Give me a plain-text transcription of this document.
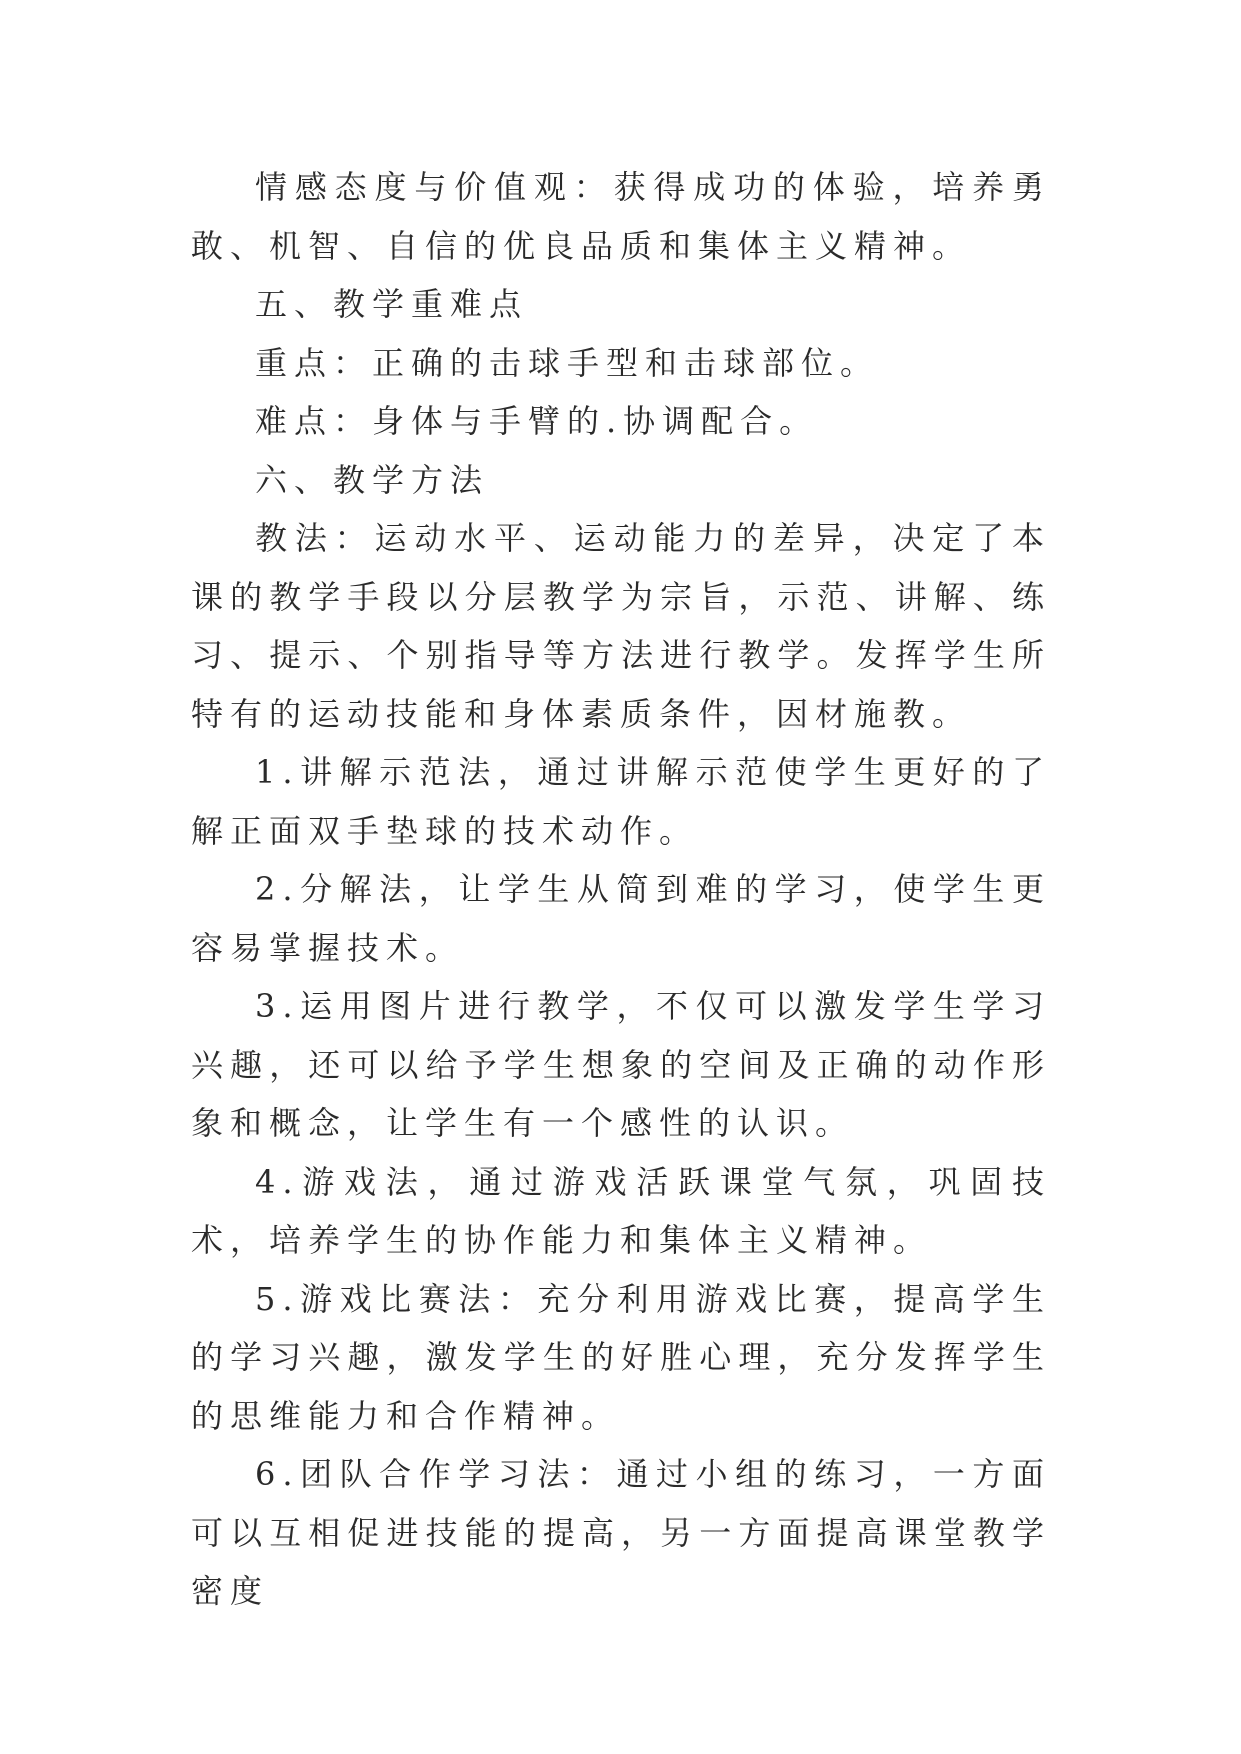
情感态度与价值观：获得成功的体验，培养勇敢、机智、自信的优良品质和集体主义精神。

五、教学重难点

重点：正确的击球手型和击球部位。

难点：身体与手臂的.协调配合。

六、教学方法

教法：运动水平、运动能力的差异，决定了本课的教学手段以分层教学为宗旨，示范、讲解、练习、提示、个别指导等方法进行教学。发挥学生所特有的运动技能和身体素质条件，因材施教。

1.讲解示范法，通过讲解示范使学生更好的了解正面双手垫球的技术动作。

2.分解法，让学生从简到难的学习，使学生更容易掌握技术。

3.运用图片进行教学，不仅可以激发学生学习兴趣，还可以给予学生想象的空间及正确的动作形象和概念，让学生有一个感性的认识。

4.游戏法，通过游戏活跃课堂气氛，巩固技术，培养学生的协作能力和集体主义精神。

5.游戏比赛法：充分利用游戏比赛，提高学生的学习兴趣，激发学生的好胜心理，充分发挥学生的思维能力和合作精神。

6.团队合作学习法：通过小组的练习，一方面可以互相促进技能的提高，另一方面提高课堂教学密度
